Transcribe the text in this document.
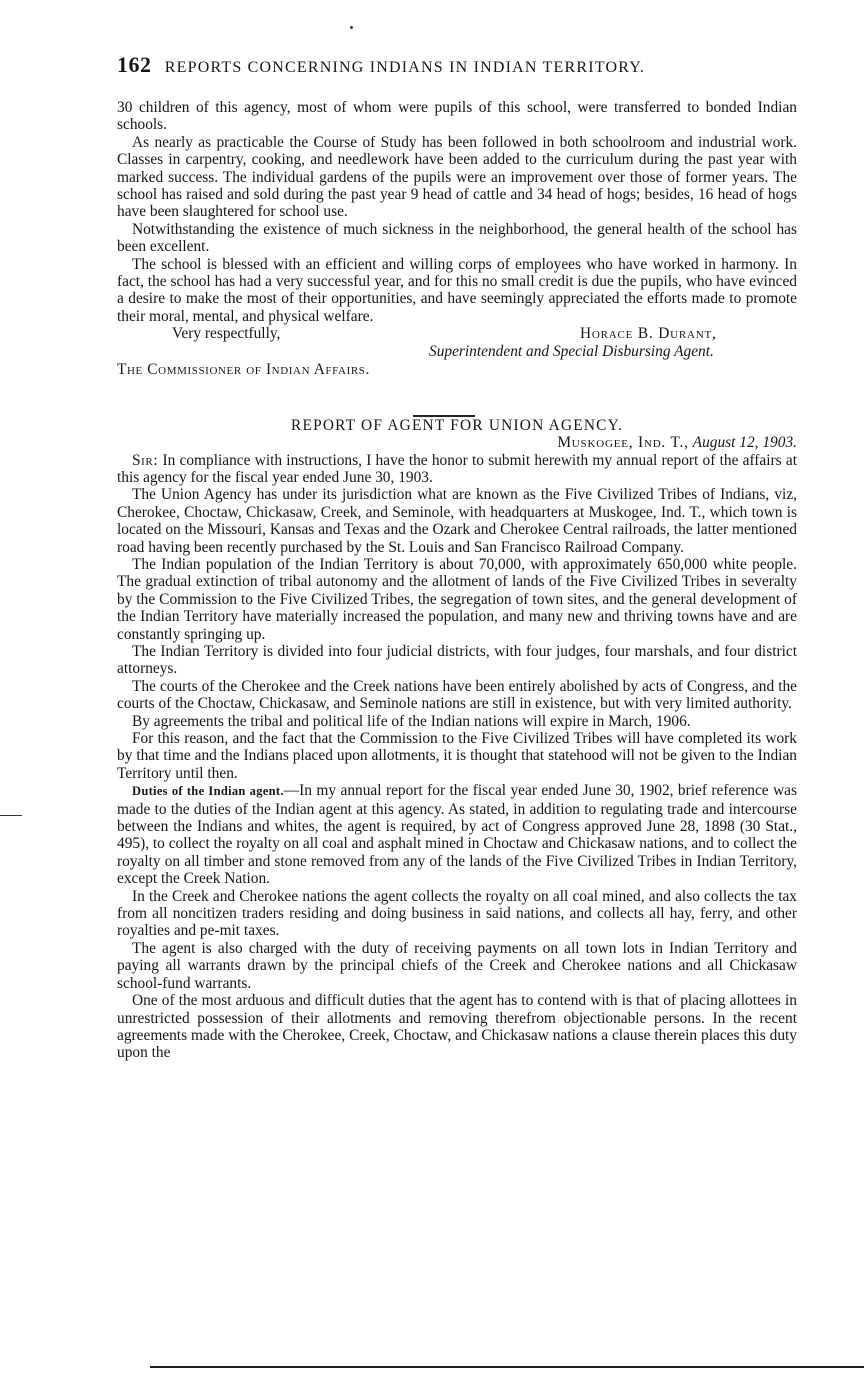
162 REPORTS CONCERNING INDIANS IN INDIAN TERRITORY.

30 children of this agency, most of whom were pupils of this school, were transferred to bonded Indian schools.

As nearly as practicable the Course of Study has been followed in both schoolroom and industrial work. Classes in carpentry, cooking, and needlework have been added to the curriculum during the past year with marked success. The individual gardens of the pupils were an improvement over those of former years. The school has raised and sold during the past year 9 head of cattle and 34 head of hogs; besides, 16 head of hogs have been slaughtered for school use.

Notwithstanding the existence of much sickness in the neighborhood, the general health of the school has been excellent.

The school is blessed with an efficient and willing corps of employees who have worked in harmony. In fact, the school has had a very successful year, and for this no small credit is due the pupils, who have evinced a desire to make the most of their opportunities, and have seemingly appreciated the efforts made to promote their moral, mental, and physical welfare.

Very respectfully,	Horace B. Durant,
Superintendent and Special Disbursing Agent.

The Commissioner of Indian Affairs.

REPORT OF AGENT FOR UNION AGENCY.

Muskogee, Ind. T., August 12, 1903.

Sir: In compliance with instructions, I have the honor to submit herewith my annual report of the affairs at this agency for the fiscal year ended June 30, 1903.

The Union Agency has under its jurisdiction what are known as the Five Civilized Tribes of Indians, viz, Cherokee, Choctaw, Chickasaw, Creek, and Seminole, with headquarters at Muskogee, Ind. T., which town is located on the Missouri, Kansas and Texas and the Ozark and Cherokee Central railroads, the latter mentioned road having been recently purchased by the St. Louis and San Francisco Railroad Company.

The Indian population of the Indian Territory is about 70,000, with approximately 650,000 white people. The gradual extinction of tribal autonomy and the allotment of lands of the Five Civilized Tribes in severalty by the Commission to the Five Civilized Tribes, the segregation of town sites, and the general development of the Indian Territory have materially increased the population, and many new and thriving towns have and are constantly springing up.

The Indian Territory is divided into four judicial districts, with four judges, four marshals, and four district attorneys.

The courts of the Cherokee and the Creek nations have been entirely abolished by acts of Congress, and the courts of the Choctaw, Chickasaw, and Seminole nations are still in existence, but with very limited authority.

By agreements the tribal and political life of the Indian nations will expire in March, 1906.

For this reason, and the fact that the Commission to the Five Civilized Tribes will have completed its work by that time and the Indians placed upon allotments, it is thought that statehood will not be given to the Indian Territory until then.

Duties of the Indian agent.—In my annual report for the fiscal year ended June 30, 1902, brief reference was made to the duties of the Indian agent at this agency. As stated, in addition to regulating trade and intercourse between the Indians and whites, the agent is required, by act of Congress approved June 28, 1898 (30 Stat., 495), to collect the royalty on all coal and asphalt mined in Choctaw and Chickasaw nations, and to collect the royalty on all timber and stone removed from any of the lands of the Five Civilized Tribes in Indian Territory, except the Creek Nation.

In the Creek and Cherokee nations the agent collects the royalty on all coal mined, and also collects the tax from all noncitizen traders residing and doing business in said nations, and collects all hay, ferry, and other royalties and pe-mit taxes.

The agent is also charged with the duty of receiving payments on all town lots in Indian Territory and paying all warrants drawn by the principal chiefs of the Creek and Cherokee nations and all Chickasaw school-fund warrants.

One of the most arduous and difficult duties that the agent has to contend with is that of placing allottees in unrestricted possession of their allotments and removing therefrom objectionable persons. In the recent agreements made with the Cherokee, Creek, Choctaw, and Chickasaw nations a clause therein places this duty upon the
